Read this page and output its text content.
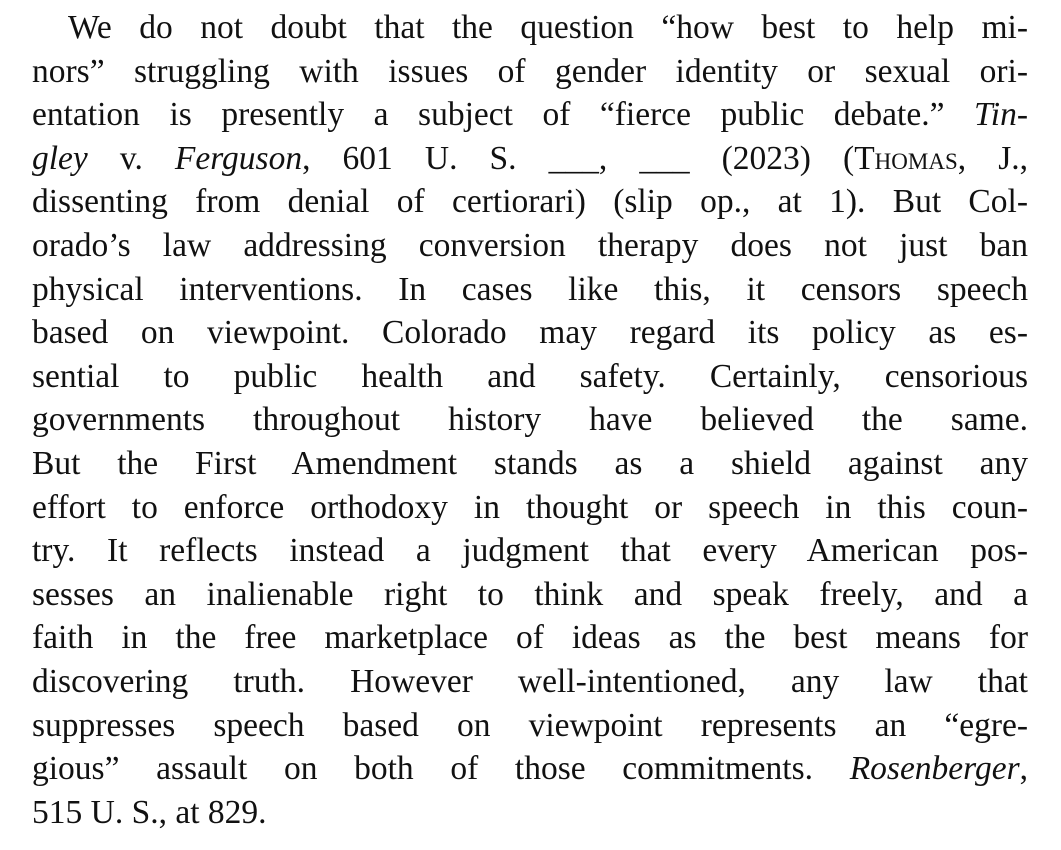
We do not doubt that the question “how best to help mi-
nors” struggling with issues of gender identity or sexual ori-
entation is presently a subject of “fierce public debate.” Tin-
gley v. Ferguson, 601 U. S. ___, ___ (2023) (Thomas, J.,
dissenting from denial of certiorari) (slip op., at 1). But Col-
orado’s law addressing conversion therapy does not just ban
physical interventions. In cases like this, it censors speech
based on viewpoint. Colorado may regard its policy as es-
sential to public health and safety. Certainly, censorious
governments throughout history have believed the same.
But the First Amendment stands as a shield against any
effort to enforce orthodoxy in thought or speech in this coun-
try. It reflects instead a judgment that every American pos-
sesses an inalienable right to think and speak freely, and a
faith in the free marketplace of ideas as the best means for
discovering truth. However well-intentioned, any law that
suppresses speech based on viewpoint represents an “egre-
gious” assault on both of those commitments. Rosenberger,
515 U. S., at 829.
